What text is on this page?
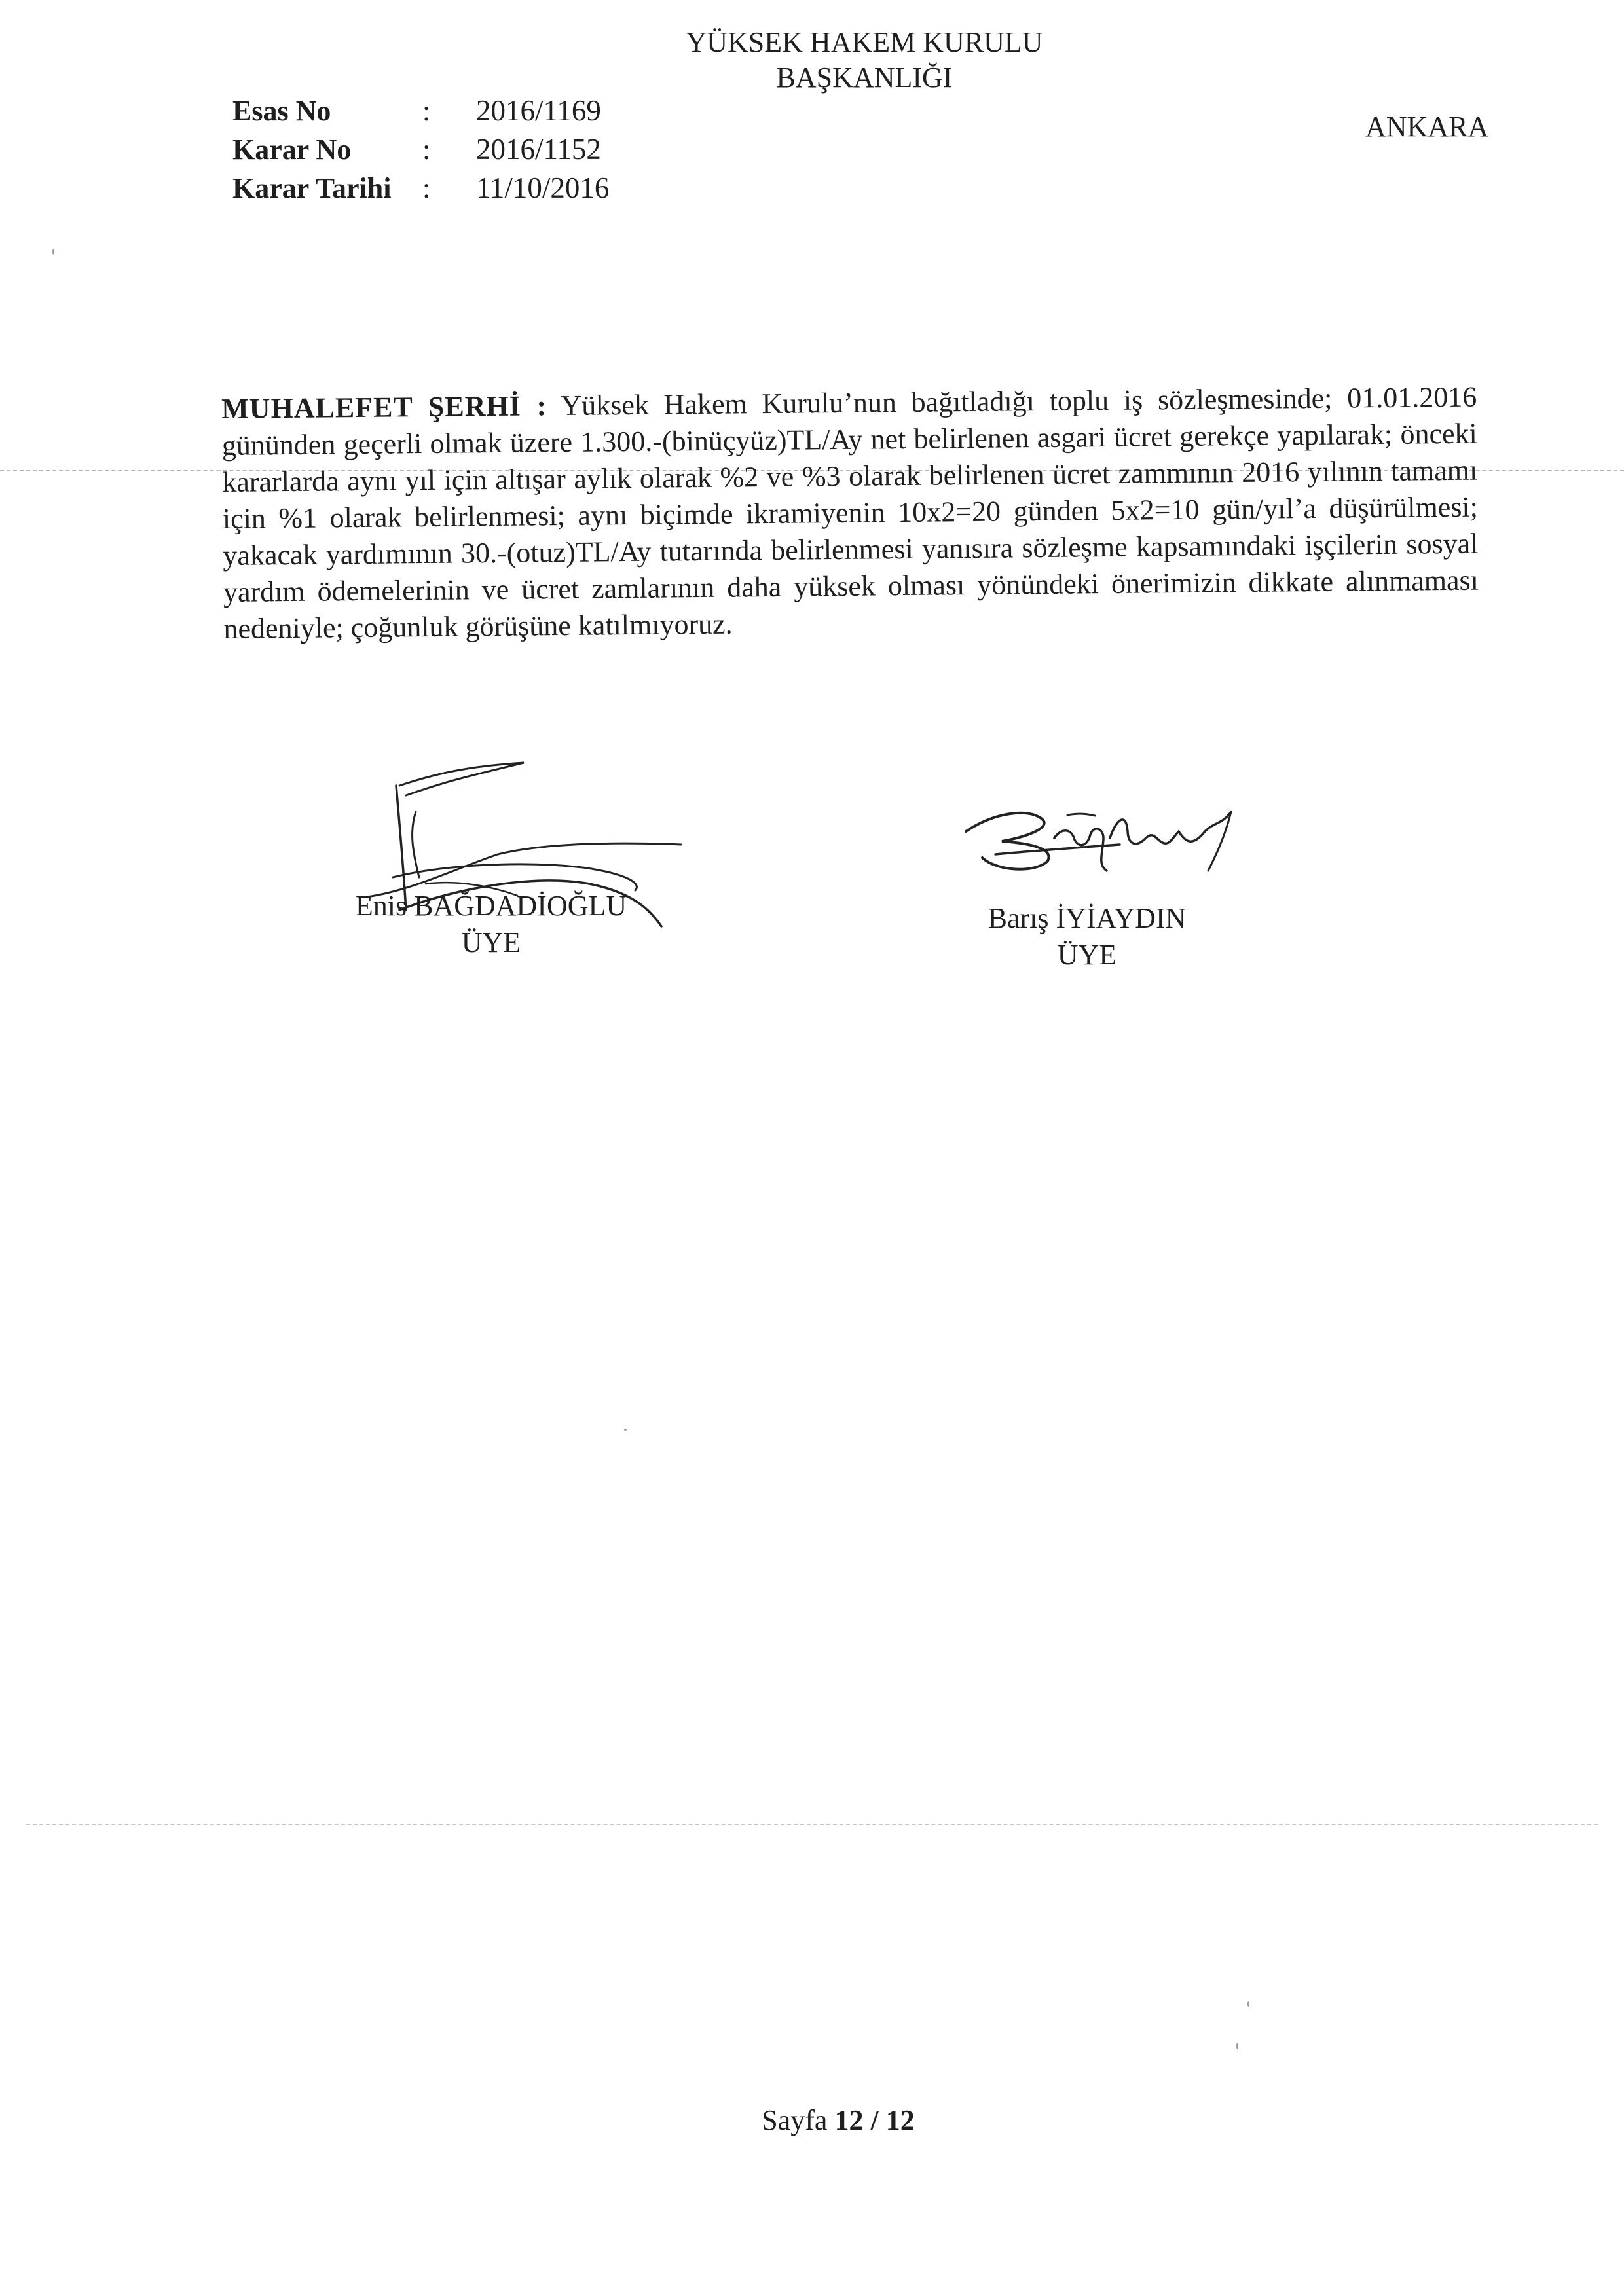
YÜKSEK HAKEM KURULU
BAŞKANLIĞI
Esas No	:	2016/1169
Karar No	:	2016/1152
Karar Tarihi	:	11/10/2016
ANKARA
MUHALEFET ŞERHİ : Yüksek Hakem Kurulu’nun bağıtladığı toplu iş sözleşmesinde; 01.01.2016 gününden geçerli olmak üzere 1.300.-(binüçyüz)TL/Ay net belirlenen asgari ücret gerekçe yapılarak; önceki kararlarda aynı yıl için altışar aylık olarak %2 ve %3 olarak belirlenen ücret zammının 2016 yılının tamamı için %1 olarak belirlenmesi; aynı biçimde ikramiyenin 10x2=20 günden 5x2=10 gün/yıl’a düşürülmesi; yakacak yardımının 30.-(otuz)TL/Ay tutarında belirlenmesi yanısıra sözleşme kapsamındaki işçilerin sosyal yardım ödemelerinin ve ücret zamlarının daha yüksek olması yönündeki önerimizin dikkate alınmaması nedeniyle; çoğunluk görüşüne katılmıyoruz.
Enis BAĞDADİOĞLU
ÜYE
Barış İYİAYDIN
ÜYE
Sayfa 12 / 12
